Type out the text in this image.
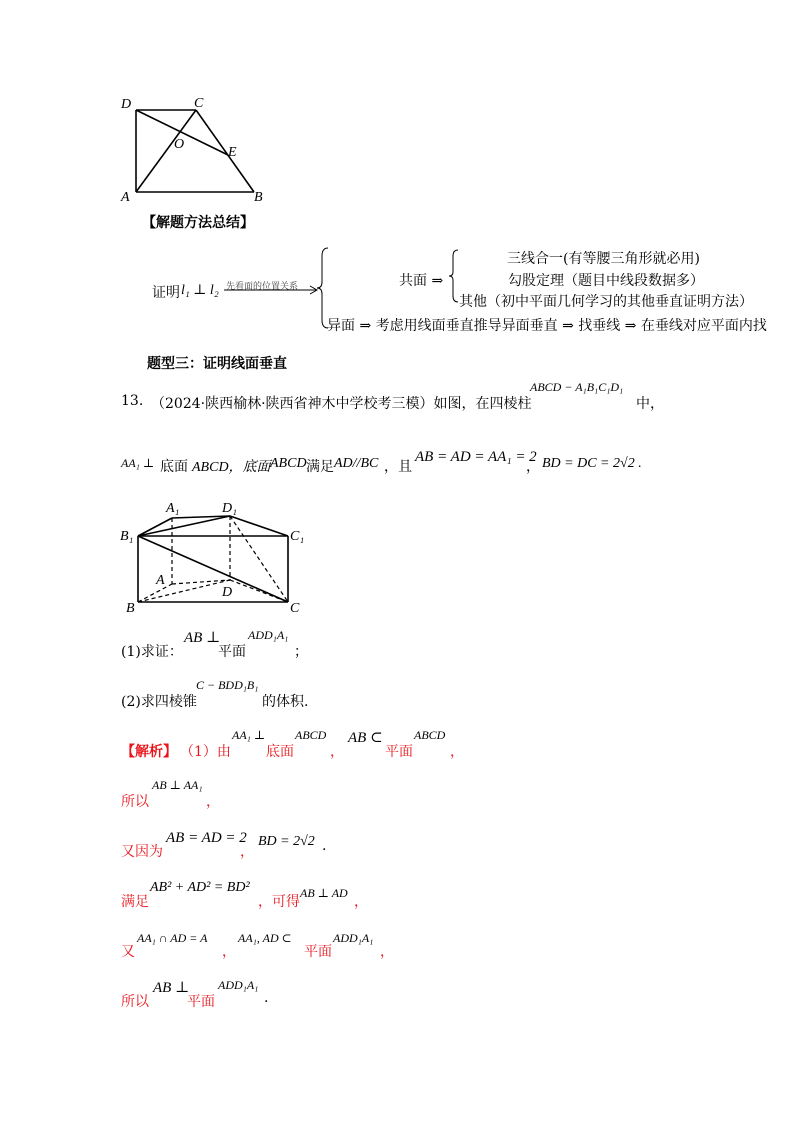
D	C
O
E
A	B
【解题方法总结】
证明 l₁ ⊥ l₂ 先看面的位置关系	共面 ⇒
三线合一(有等腰三角形就必用)
勾股定理（题目中线段数据多）
其他（初中平面几何学习的其他垂直证明方法）
异面 ⇒ 考虑用线面垂直推导异面垂直 ⇒ 找垂线 ⇒ 在垂线对应平面内找
题型三：证明线面垂直
13. （2024·陕西榆林·陕西省神木中学校考三模）如图，在四棱柱
ABCD − A₁B₁C₁D₁
中，
AA₁ ⊥ 底面 ABCD，底面 ABCD 满足 AD//BC ，且
AB = AD = AA₁ = 2
， BD = DC = 2√2 .
A₁	D₁
B₁	C₁
A
D
B	C
(1)求证：
AB ⊥
平面
ADD₁A₁
；
(2)求四棱锥
C − BDD₁B₁
的体积.
【解析】 （1）由
AA₁ ⊥
底面
ABCD
，
AB ⊂
平面
ABCD
，
所以
AB ⊥ AA₁
，
又因为
AB = AD = 2
，
BD = 2√2 .
满足
AB² + AD² = BD²
，可得
AB ⊥ AD
，
又
AA₁ ∩ AD = A
，
AA₁, AD ⊂
平面
ADD₁A₁
，
所以
AB ⊥
平面
ADD₁A₁
.
